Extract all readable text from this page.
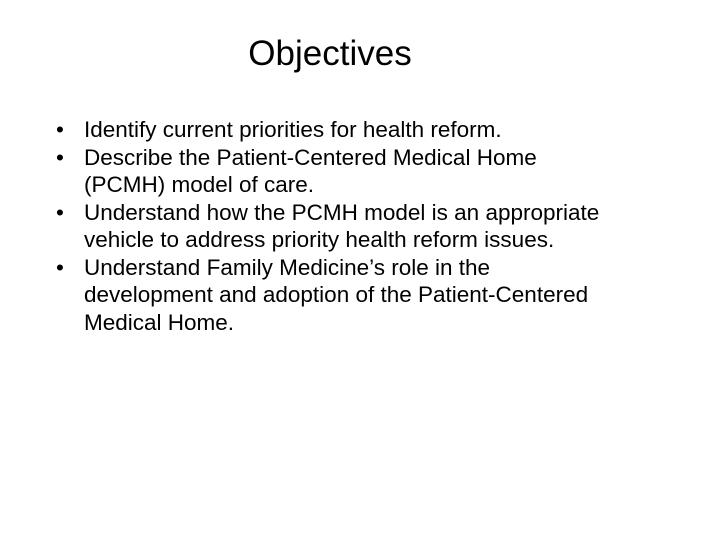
Objectives
• Identify current priorities for health reform.
• Describe the Patient-Centered Medical Home (PCMH) model of care.
• Understand how the PCMH model is an appropriate vehicle to address priority health reform issues.
• Understand Family Medicine’s role in the development and adoption of the Patient-Centered Medical Home.
